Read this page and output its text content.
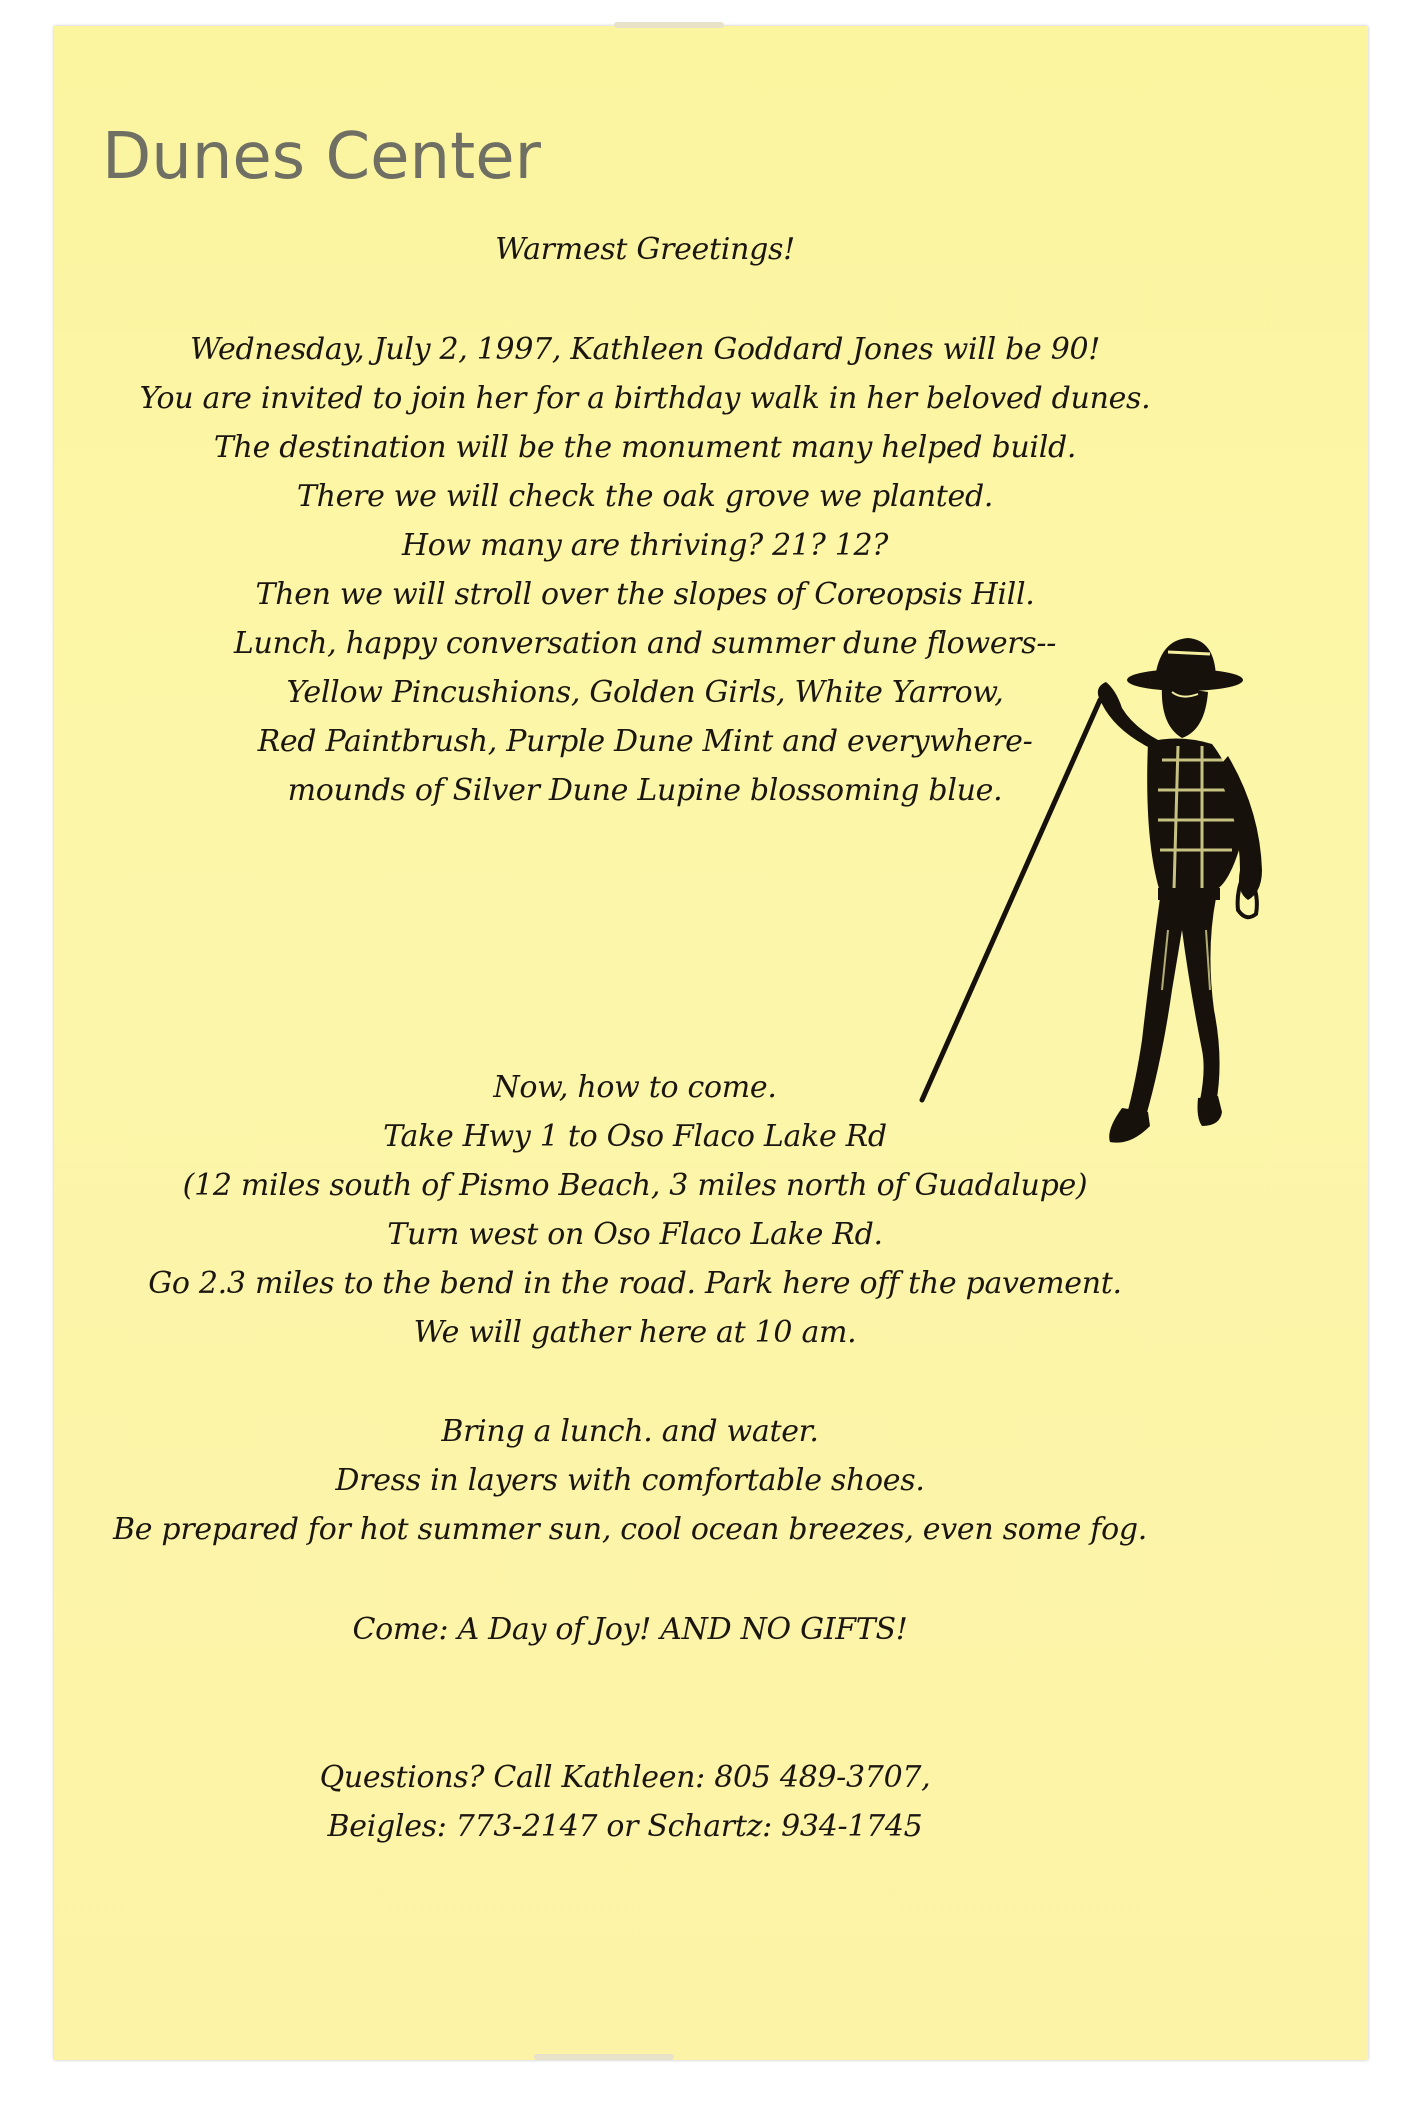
Dunes Center
Warmest Greetings!
Wednesday, July 2, 1997, Kathleen Goddard Jones will be 90!
You are invited to join her for a birthday walk in her beloved dunes.
The destination will be the monument many helped build.
There we will check the oak grove we planted.
How many are thriving? 21? 12?
Then we will stroll over the slopes of Coreopsis Hill.
Lunch, happy conversation and summer dune flowers--
Yellow Pincushions, Golden Girls, White Yarrow,
Red Paintbrush, Purple Dune Mint and everywhere-
mounds of Silver Dune Lupine blossoming blue.
Now, how to come.
Take Hwy 1 to Oso Flaco Lake Rd
(12 miles south of Pismo Beach, 3 miles north of Guadalupe)
Turn west on Oso Flaco Lake Rd.
Go 2.3 miles to the bend in the road. Park here off the pavement.
We will gather here at 10 am.
Bring a lunch. and water.
Dress in layers with comfortable shoes.
Be prepared for hot summer sun, cool ocean breezes, even some fog.
Come: A Day of Joy! AND NO GIFTS!
Questions? Call Kathleen: 805 489-3707,
Beigles: 773-2147 or Schartz: 934-1745
